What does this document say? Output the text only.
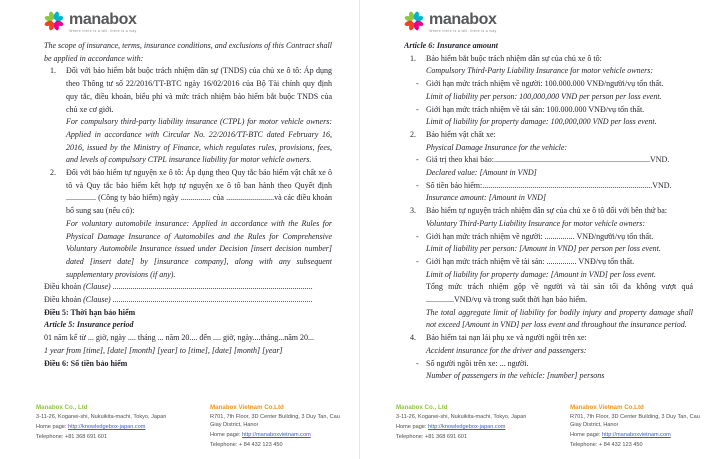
manabox
Where there is a will, there is a way
The scope of insurance, terms, insurance conditions, and exclusions of this Contract shall be applied in accordance with:
1. Đối với bảo hiểm bắt buộc trách nhiệm dân sự (TNDS) của chủ xe ô tô: Áp dụng theo Thông tư số 22/2016/TT-BTC ngày 16/02/2016 của Bộ Tài chính quy định quy tắc, điều khoản, biểu phí và mức trách nhiệm bảo hiểm bắt buộc TNDS của chủ xe cơ giới.
For compulsory third-party liability insurance (CTPL) for motor vehicle owners: Applied in accordance with Circular No. 22/2016/TT-BTC dated February 16, 2016, issued by the Ministry of Finance, which regulates rules, provisions, fees, and levels of compulsory CTPL insurance liability for motor vehicle owners.
2. Đối với bảo hiểm tự nguyện xe ô tô: Áp dụng theo Quy tắc bảo hiểm vật chất xe ô tô và Quy tắc bảo hiểm kết hợp tự nguyện xe ô tô ban hành theo Quyết định ............... (Công ty bảo hiểm) ngày ............... của ........................và các điều khoản bổ sung sau (nếu có):
For voluntary automobile insurance: Applied in accordance with the Rules for Physical Damage Insurance of Automobiles and the Rules for Comprehensive Voluntary Automobile Insurance issued under Decision [insert decision number] dated [insert date] by [insurance company], along with any subsequent supplementary provisions (if any).
Điều khoản (Clause) ....................................................................................................
Điều khoản (Clause) ....................................................................................................
Điều 5: Thời hạn bảo hiểm
Article 5: Insurance period
01 năm kể từ ... giờ, ngày .... tháng ... năm 20.... đến .... giờ, ngày....tháng...năm 20...
1 year from [time], [date] [month] [year] to [time], [date] [month] [year]
Điều 6: Số tiền bảo hiểm
Manabox Co., Ltd
3-11-26, Koganei-shi, Nukuikita-machi, Tokyo, Japan
Home page: http://knowledgebox-japan.com
Telephone: +81 368 691 601
Manabox Vietnam Co.Ltd
R701, 7th Floor, 3D Center Building, 3 Duy Tan, Cau Giay District, Hanoi
Home page: http://manaboxvietnam.com
Telephone: + 84 432 123 450
manabox
Where there is a will, there is a way
Article 6: Insurance amount
1. Bảo hiểm bắt buộc trách nhiệm dân sự của chủ xe ô tô:
Compulsory Third-Party Liability Insurance for motor vehicle owners:
- Giới hạn mức trách nhiệm về người: 100.000.000 VNĐ/người/vụ tổn thất.
Limit of liability per person: 100,000,000 VND per person per loss event.
- Giới hạn mức trách nhiệm về tài sản: 100.000.000 VNĐ/vụ tổn thất.
Limit of liability for property damage: 100,000,000 VND per loss event.
2. Bảo hiểm vật chất xe:
Physical Damage Insurance for the vehicle:
- Giá trị theo khai báo:..............................................................................VND.
Declared value: [Amount in VND]
- Số tiền bảo hiểm:.....................................................................................VND.
Insurance amount: [Amount in VND]
3. Bảo hiểm tự nguyện trách nhiệm dân sự của chủ xe ô tô đối với bên thứ ba:
Voluntary Third-Party Liability Insurance for motor vehicle owners:
- Giới hạn mức trách nhiệm về người: ............... VNĐ/người/vụ tổn thất.
Limit of liability per person: [Amount in VND] per person per loss event.
- Giới hạn mức trách nhiệm về tài sản: ............... VNĐ/vụ tổn thất.
Limit of liability for property damage: [Amount in VND] per loss event.
Tổng mức trách nhiệm gộp về người và tài sản tối đa không vượt quá ..............VNĐ/vụ và trong suốt thời hạn bảo hiểm.
The total aggregate limit of liability for bodily injury and property damage shall not exceed [Amount in VND] per loss event and throughout the insurance period.
4. Bảo hiểm tai nạn lái phụ xe và người ngồi trên xe:
Accident insurance for the driver and passengers:
- Số người ngồi trên xe: ... người.
Number of passengers in the vehicle: [number] persons
Manabox Co., Ltd
3-11-26, Koganei-shi, Nukuikita-machi, Tokyo, Japan
Home page: http://knowledgebox-japan.com
Telephone: +81 368 691 601
Manabox Vietnam Co.Ltd
R701, 7th Floor, 3D Center Building, 3 Duy Tan, Cau Giay District, Hanoi
Home page: http://manaboxvietnam.com
Telephone: + 84 432 123 450
